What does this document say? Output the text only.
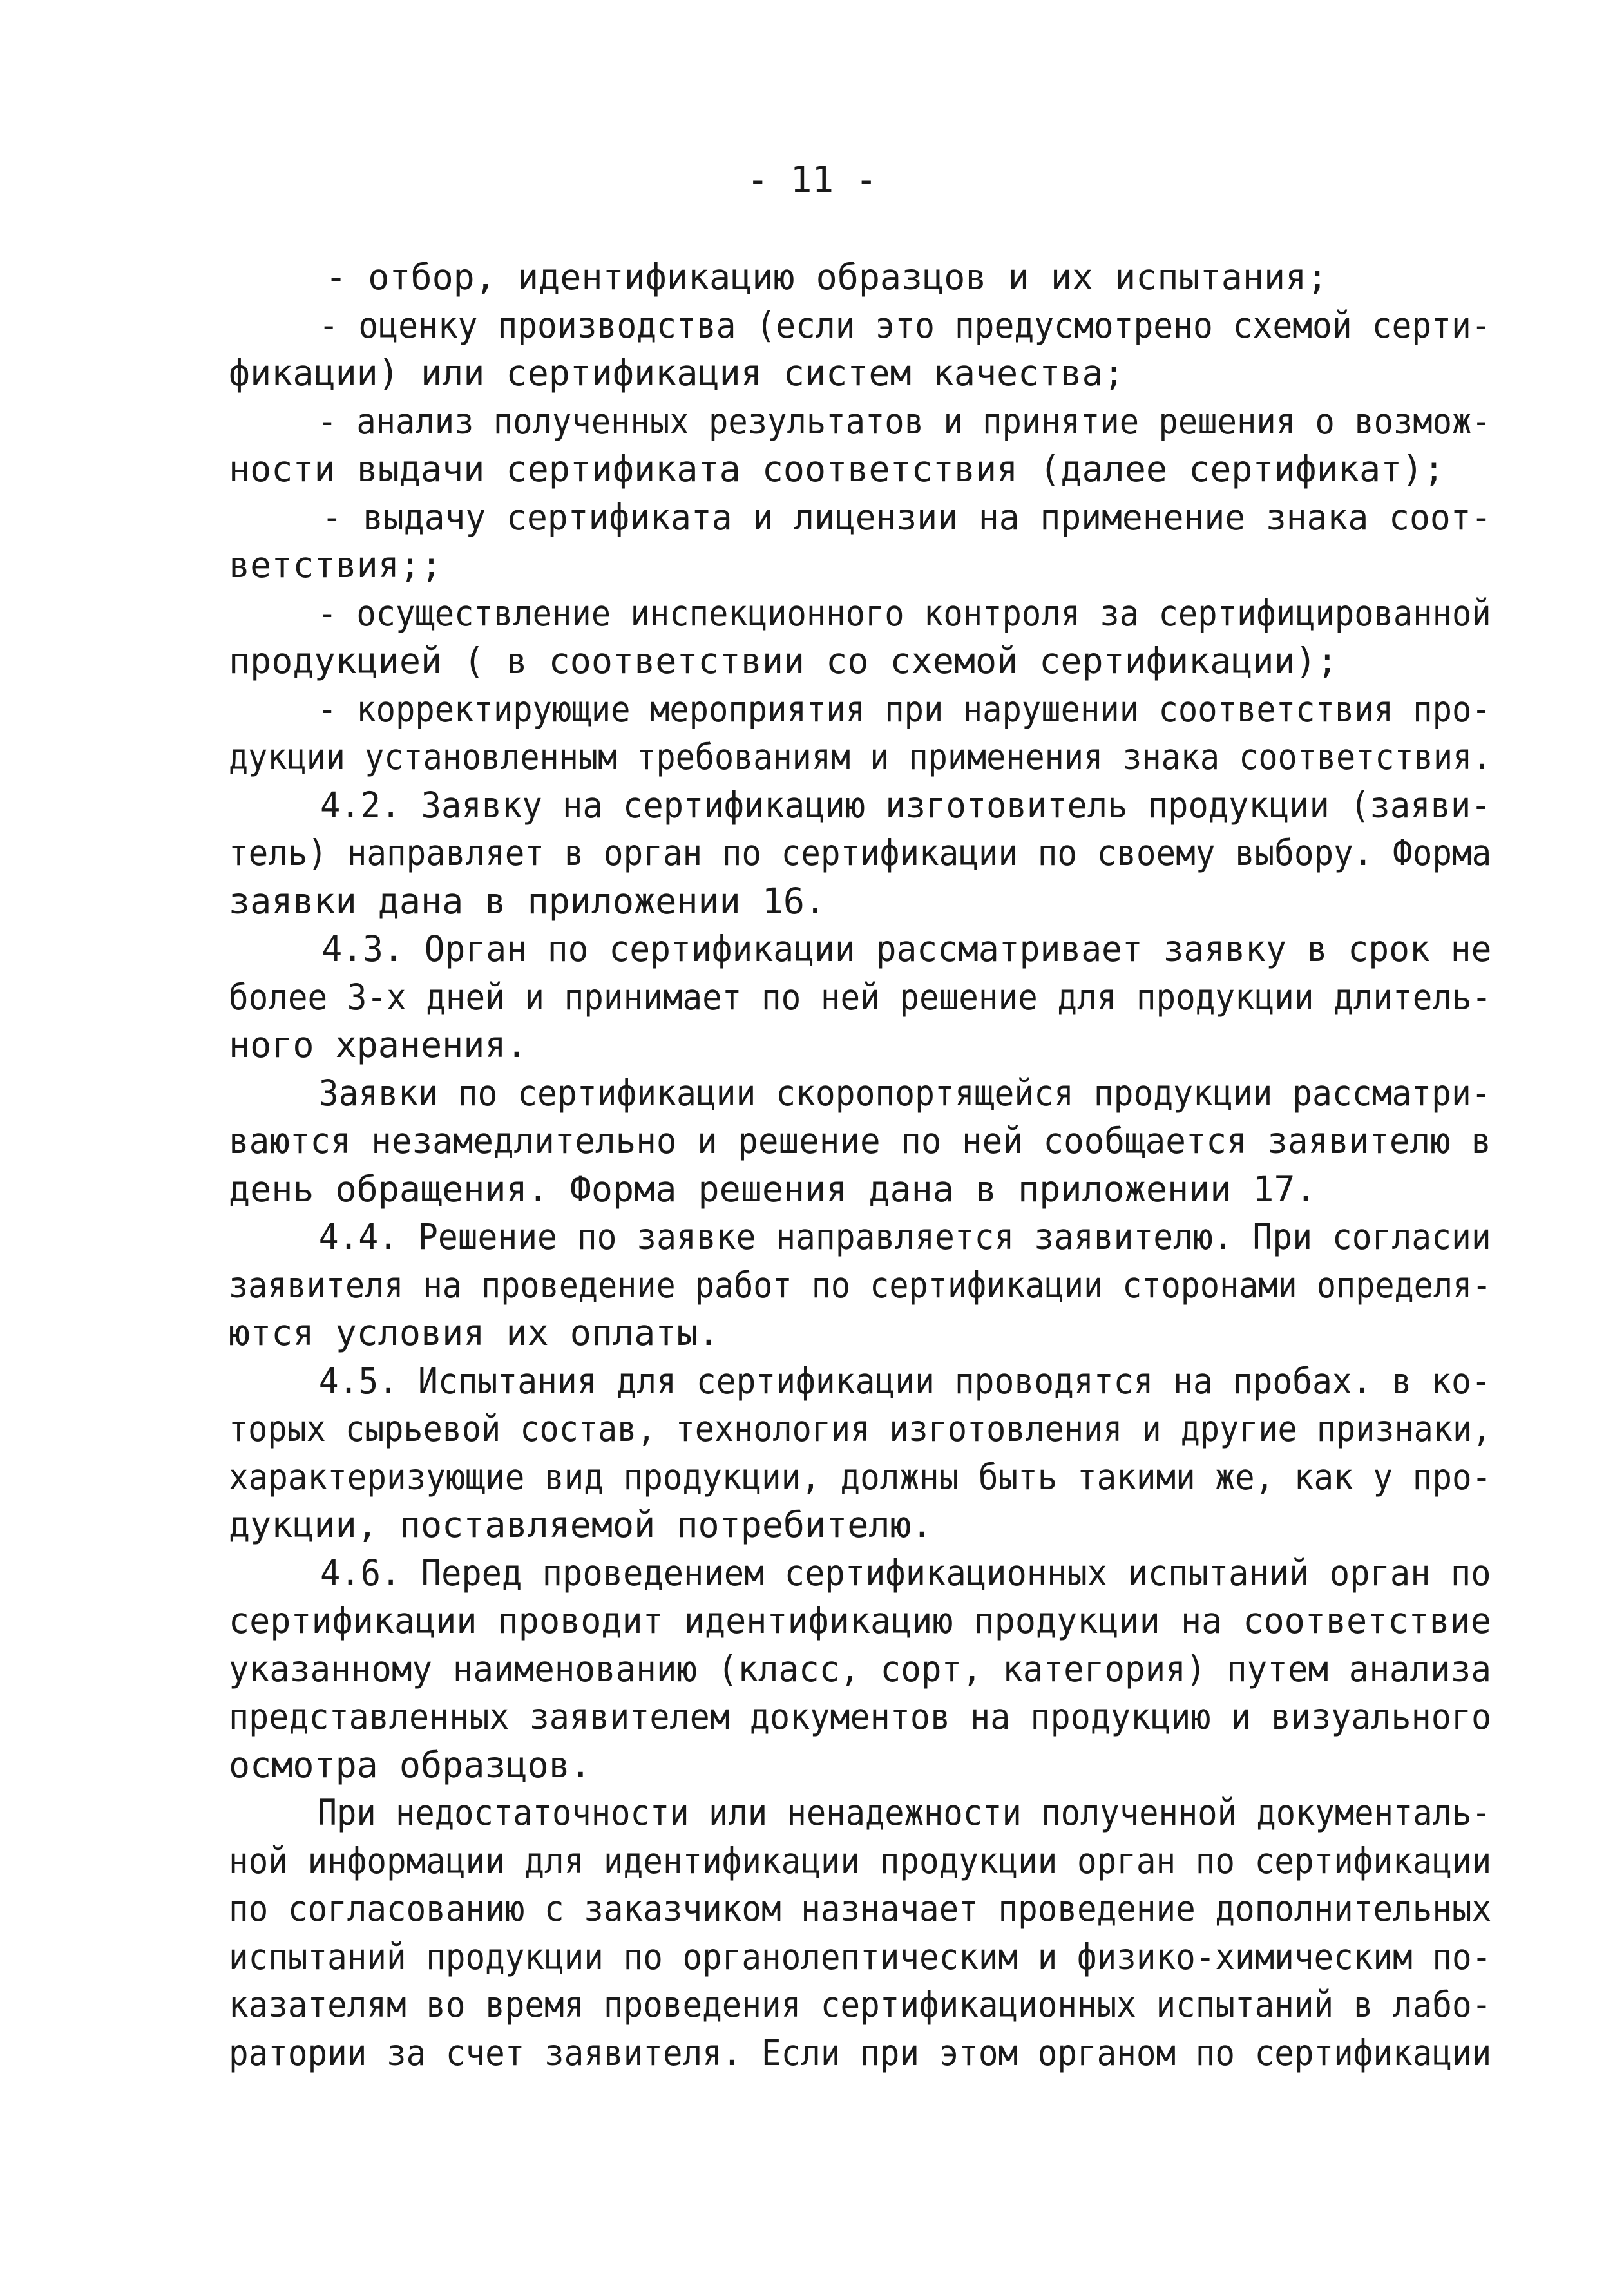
- 11 -
- отбор, идентификацию образцов и их испытания;
- оценку производства (если это предусмотрено схемой серти-
фикации) или сертификация систем качества;
- анализ полученных результатов и принятие решения о возмож-
ности выдачи сертификата соответствия (далее сертификат);
- выдачу сертификата и лицензии на применение знака соот-
ветствия;;
- осуществление инспекционного контроля за сертифицированной
продукцией ( в соответствии со схемой сертификации);
- корректирующие мероприятия при нарушении соответствия про-
дукции установленным требованиям и применения знака соответствия.
4.2. Заявку на сертификацию изготовитель продукции (заяви-
тель) направляет в орган по сертификации по своему выбору. Форма
заявки дана в приложении 16.
4.3. Орган по сертификации рассматривает заявку в срок не
более 3-х дней и принимает по ней решение для продукции длитель-
ного хранения.
Заявки по сертификации скоропортящейся продукции рассматри-
ваются незамедлительно и решение по ней сообщается заявителю в
день обращения. Форма решения дана в приложении 17.
4.4. Решение по заявке направляется заявителю. При согласии
заявителя на проведение работ по сертификации сторонами определя-
ются условия их оплаты.
4.5. Испытания для сертификации проводятся на пробах. в ко-
торых сырьевой состав, технология изготовления и другие признаки,
характеризующие вид продукции, должны быть такими же, как у про-
дукции, поставляемой потребителю.
4.6. Перед проведением сертификационных испытаний орган по
сертификации проводит идентификацию продукции на соответствие
указанному наименованию (класс, сорт, категория) путем анализа
представленных заявителем документов на продукцию и визуального
осмотра образцов.
При недостаточности или ненадежности полученной документаль-
ной информации для идентификации продукции орган по сертификации
по согласованию с заказчиком назначает проведение дополнительных
испытаний продукции по органолептическим и физико-химическим по-
казателям во время проведения сертификационных испытаний в лабо-
ратории за счет заявителя. Если при этом органом по сертификации
